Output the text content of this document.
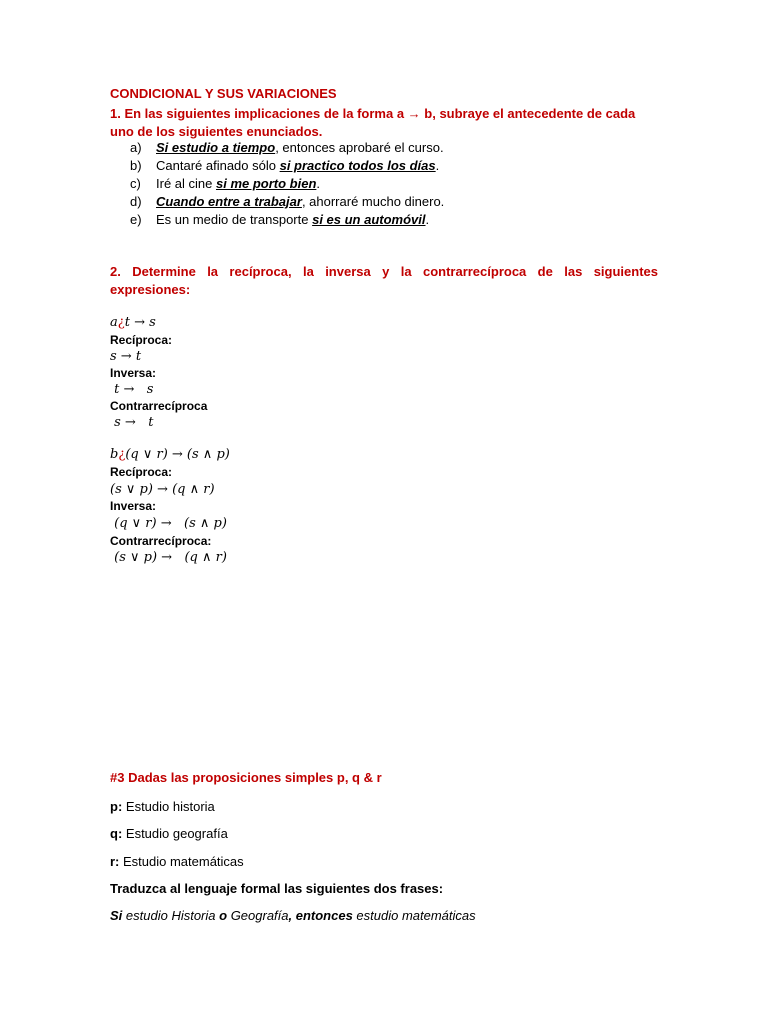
CONDICIONAL Y SUS VARIACIONES
1. En las siguientes implicaciones de la forma a → b, subraye el antecedente de cada uno de los siguientes enunciados.
a) Si estudio a tiempo, entonces aprobaré el curso.
b) Cantaré afinado sólo si practico todos los días.
c) Iré al cine si me porto bien.
d) Cuando entre a trabajar, ahorraré mucho dinero.
e) Es un medio de transporte si es un automóvil.
2. Determine la recíproca, la inversa y la contrarrecíproca de las siguientes
expresiones:
a¿t → s
Recíproca:
s → t
Inversa:
t →   s
Contrarrecíproca
s →   t
b¿(q ∨ r) → (s ∧ p)
Recíproca:
(s ∨ p) → (q ∧ r)
Inversa:
(q ∨ r) →   (s ∧ p)
Contrarrecíproca:
(s ∨ p) →   (q ∧ r)
#3 Dadas las proposiciones simples p, q & r
p: Estudio historia
q: Estudio geografía
r: Estudio matemáticas
Traduzca al lenguaje formal las siguientes dos frases:
Si estudio Historia o Geografía, entonces estudio matemáticas
